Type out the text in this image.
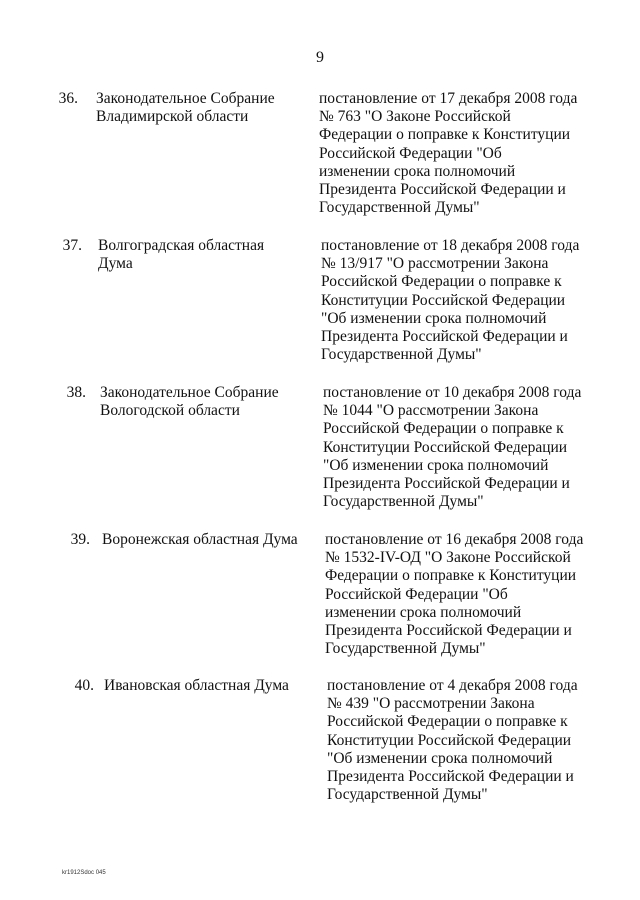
9
36. Законодательное Собрание
Владимирской области
постановление от 17 декабря 2008 года
№ 763 "О Законе Российской
Федерации о поправке к Конституции
Российской Федерации "Об
изменении срока полномочий
Президента Российской Федерации и
Государственной Думы"
37. Волгоградская областная
Дума
постановление от 18 декабря 2008 года
№ 13/917 "О рассмотрении Закона
Российской Федерации о поправке к
Конституции Российской Федерации
"Об изменении срока полномочий
Президента Российской Федерации и
Государственной Думы"
38. Законодательное Собрание
Вологодской области
постановление от 10 декабря 2008 года
№ 1044 "О рассмотрении Закона
Российской Федерации о поправке к
Конституции Российской Федерации
"Об изменении срока полномочий
Президента Российской Федерации и
Государственной Думы"
39. Воронежская областная Дума постановление от 16 декабря 2008 года
№ 1532-IV-ОД "О Законе Российской
Федерации о поправке к Конституции
Российской Федерации "Об
изменении срока полномочий
Президента Российской Федерации и
Государственной Думы"
40. Ивановская областная Дума постановление от 4 декабря 2008 года
№ 439 "О рассмотрении Закона
Российской Федерации о поправке к
Конституции Российской Федерации
"Об изменении срока полномочий
Президента Российской Федерации и
Государственной Думы"
kr1912Sdoc 045
